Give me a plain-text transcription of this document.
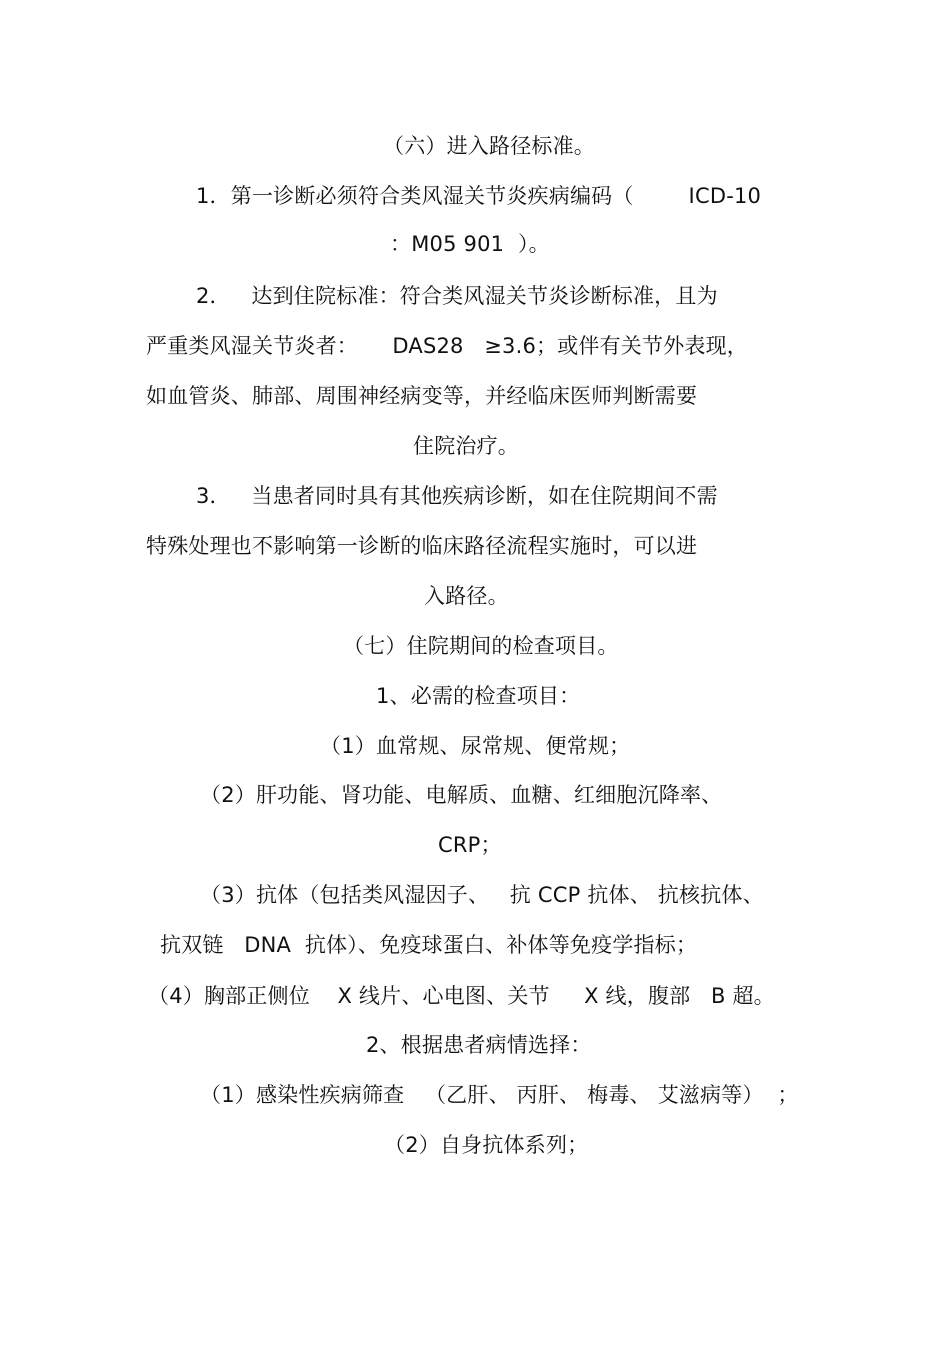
（六）进入路径标准。
1．第一诊断必须符合类风湿关节炎疾病编码（        ICD-10
：M05 901  ）。
2．   达到住院标准：符合类风湿关节炎诊断标准，且为
严重类风湿关节炎者：     DAS28   ≥3.6；或伴有关节外表现，
如血管炎、肺部、周围神经病变等，并经临床医师判断需要
住院治疗。
3．   当患者同时具有其他疾病诊断，如在住院期间不需
特殊处理也不影响第一诊断的临床路径流程实施时，可以进
入路径。
（七）住院期间的检查项目。
1、必需的检查项目：
（1）血常规、尿常规、便常规；
（2）肝功能、肾功能、电解质、血糖、红细胞沉降率、
CRP；
（3）抗体（包括类风湿因子、   抗 CCP 抗体、 抗核抗体、
抗双链   DNA  抗体）、免疫球蛋白、补体等免疫学指标；
（4）胸部正侧位    X 线片、心电图、关节     X 线，腹部   B 超。
2、根据患者病情选择：
（1）感染性疾病筛查   （乙肝、 丙肝、 梅毒、 艾滋病等）  ；
（2）自身抗体系列；
